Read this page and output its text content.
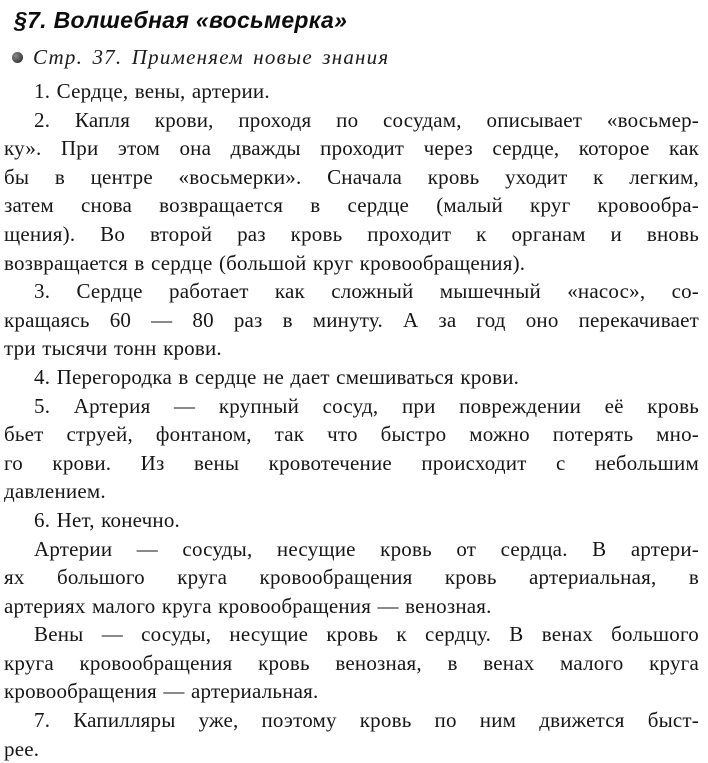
§7. Волшебная «восьмерка»
Стр. 37. Применяем новые знания
1. Сердце, вены, артерии.
2. Капля крови, проходя по сосудам, описывает «восьмер-
ку». При этом она дважды проходит через сердце, которое как
бы в центре «восьмерки». Сначала кровь уходит к легким,
затем снова возвращается в сердце (малый круг кровообра-
щения). Во второй раз кровь проходит к органам и вновь
возвращается в сердце (большой круг кровообращения).
3. Сердце работает как сложный мышечный «насос», со-
кращаясь 60 — 80 раз в минуту. А за год оно перекачивает
три тысячи тонн крови.
4. Перегородка в сердце не дает смешиваться крови.
5. Артерия — крупный сосуд, при повреждении её кровь
бьет струей, фонтаном, так что быстро можно потерять мно-
го крови. Из вены кровотечение происходит с небольшим
давлением.
6. Нет, конечно.
Артерии — сосуды, несущие кровь от сердца. В артери-
ях большого круга кровообращения кровь артериальная, в
артериях малого круга кровообращения — венозная.
Вены — сосуды, несущие кровь к сердцу. В венах большого
круга кровообращения кровь венозная, в венах малого круга
кровообращения — артериальная.
7. Капилляры уже, поэтому кровь по ним движется быст-
рее.
